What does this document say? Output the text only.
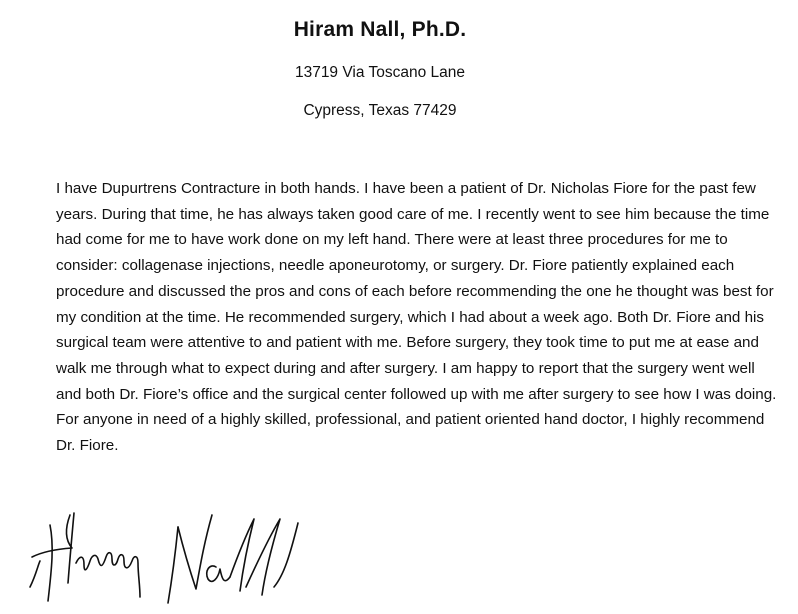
Hiram Nall, Ph.D.
13719 Via Toscano Lane
Cypress, Texas 77429

I have Dupurtrens Contracture in both hands. I have been a patient of Dr. Nicholas Fiore for the past few years. During that time, he has always taken good care of me. I recently went to see him because the time had come for me to have work done on my left hand. There were at least three procedures for me to consider: collagenase injections, needle aponeurotomy, or surgery. Dr. Fiore patiently explained each procedure and discussed the pros and cons of each before recommending the one he thought was best for my condition at the time. He recommended surgery, which I had about a week ago. Both Dr. Fiore and his surgical team were attentive to and patient with me. Before surgery, they took time to put me at ease and walk me through what to expect during and after surgery. I am happy to report that the surgery went well and both Dr. Fiore’s office and the surgical center followed up with me after surgery to see how I was doing. For anyone in need of a highly skilled, professional, and patient oriented hand doctor, I highly recommend Dr. Fiore.
